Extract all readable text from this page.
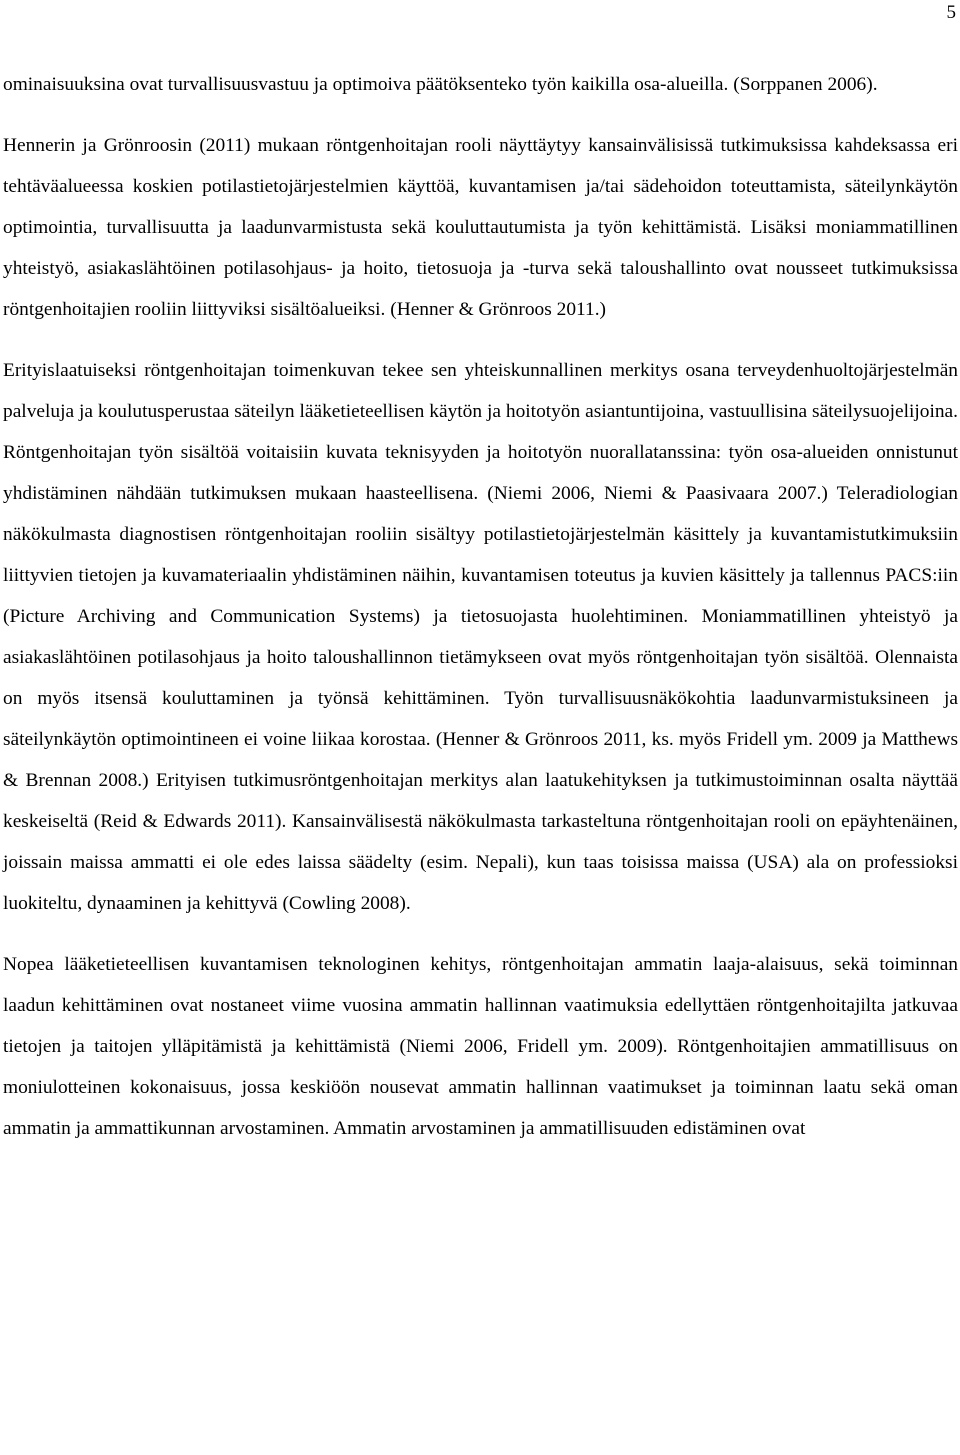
5

ominaisuuksina ovat turvallisuusvastuu ja optimoiva päätöksenteko työn kaikilla osa-alueilla. (Sorppanen 2006).

Hennerin ja Grönroosin (2011) mukaan röntgenhoitajan rooli näyttäytyy kansainvälisissä tutkimuksissa kahdeksassa eri tehtäväalueessa koskien potilastietojärjestelmien käyttöä, kuvantamisen ja/tai sädehoidon toteuttamista, säteilynkäytön optimointia, turvallisuutta ja laadunvarmistusta sekä kouluttautumista ja työn kehittämistä. Lisäksi moniammatillinen yhteistyö, asiakaslähtöinen potilasohjaus- ja hoito, tietosuoja ja -turva sekä taloushallinto ovat nousseet tutkimuksissa röntgenhoitajien rooliin liittyviksi sisältöalueiksi. (Henner & Grönroos 2011.)

Erityislaatuiseksi röntgenhoitajan toimenkuvan tekee sen yhteiskunnallinen merkitys osana terveydenhuoltojärjestelmän palveluja ja koulutusperustaa säteilyn lääketieteellisen käytön ja hoitotyön asiantuntijoina, vastuullisina säteilysuojelijoina. Röntgenhoitajan työn sisältöä voitaisiin kuvata teknisyyden ja hoitotyön nuorallatanssina: työn osa-alueiden onnistunut yhdistäminen nähdään tutkimuksen mukaan haasteellisena. (Niemi 2006, Niemi & Paasivaara 2007.) Teleradiologian näkökulmasta diagnostisen röntgenhoitajan rooliin sisältyy potilastietojärjestelmän käsittely ja kuvantamistutkimuksiin liittyvien tietojen ja kuvamateriaalin yhdistäminen näihin, kuvantamisen toteutus ja kuvien käsittely ja tallennus PACS:iin (Picture Archiving and Communication Systems) ja tietosuojasta huolehtiminen. Moniammatillinen yhteistyö ja asiakaslähtöinen potilasohjaus ja hoito taloushallinnon tietämykseen ovat myös röntgenhoitajan työn sisältöä. Olennaista on myös itsensä kouluttaminen ja työnsä kehittäminen. Työn turvallisuusnäkökohtia laadunvarmistuksineen ja säteilynkäytön optimointineen ei voine liikaa korostaa. (Henner & Grönroos 2011, ks. myös Fridell ym. 2009 ja Matthews & Brennan 2008.) Erityisen tutkimusröntgenhoitajan merkitys alan laatukehityksen ja tutkimustoiminnan osalta näyttää keskeiseltä (Reid & Edwards 2011). Kansainvälisestä näkökulmasta tarkasteltuna röntgenhoitajan rooli on epäyhtenäinen, joissain maissa ammatti ei ole edes laissa säädelty (esim. Nepali), kun taas toisissa maissa (USA) ala on professioksi luokiteltu, dynaaminen ja kehittyvä (Cowling 2008).

Nopea lääketieteellisen kuvantamisen teknologinen kehitys, röntgenhoitajan ammatin laaja-alaisuus, sekä toiminnan laadun kehittäminen ovat nostaneet viime vuosina ammatin hallinnan vaatimuksia edellyttäen röntgenhoitajilta jatkuvaa tietojen ja taitojen ylläpitämistä ja kehittämistä (Niemi 2006, Fridell ym. 2009). Röntgenhoitajien ammatillisuus on moniulotteinen kokonaisuus, jossa keskiöön nousevat ammatin hallinnan vaatimukset ja toiminnan laatu sekä oman ammatin ja ammattikunnan arvostaminen. Ammatin arvostaminen ja ammatillisuuden edistäminen ovat
